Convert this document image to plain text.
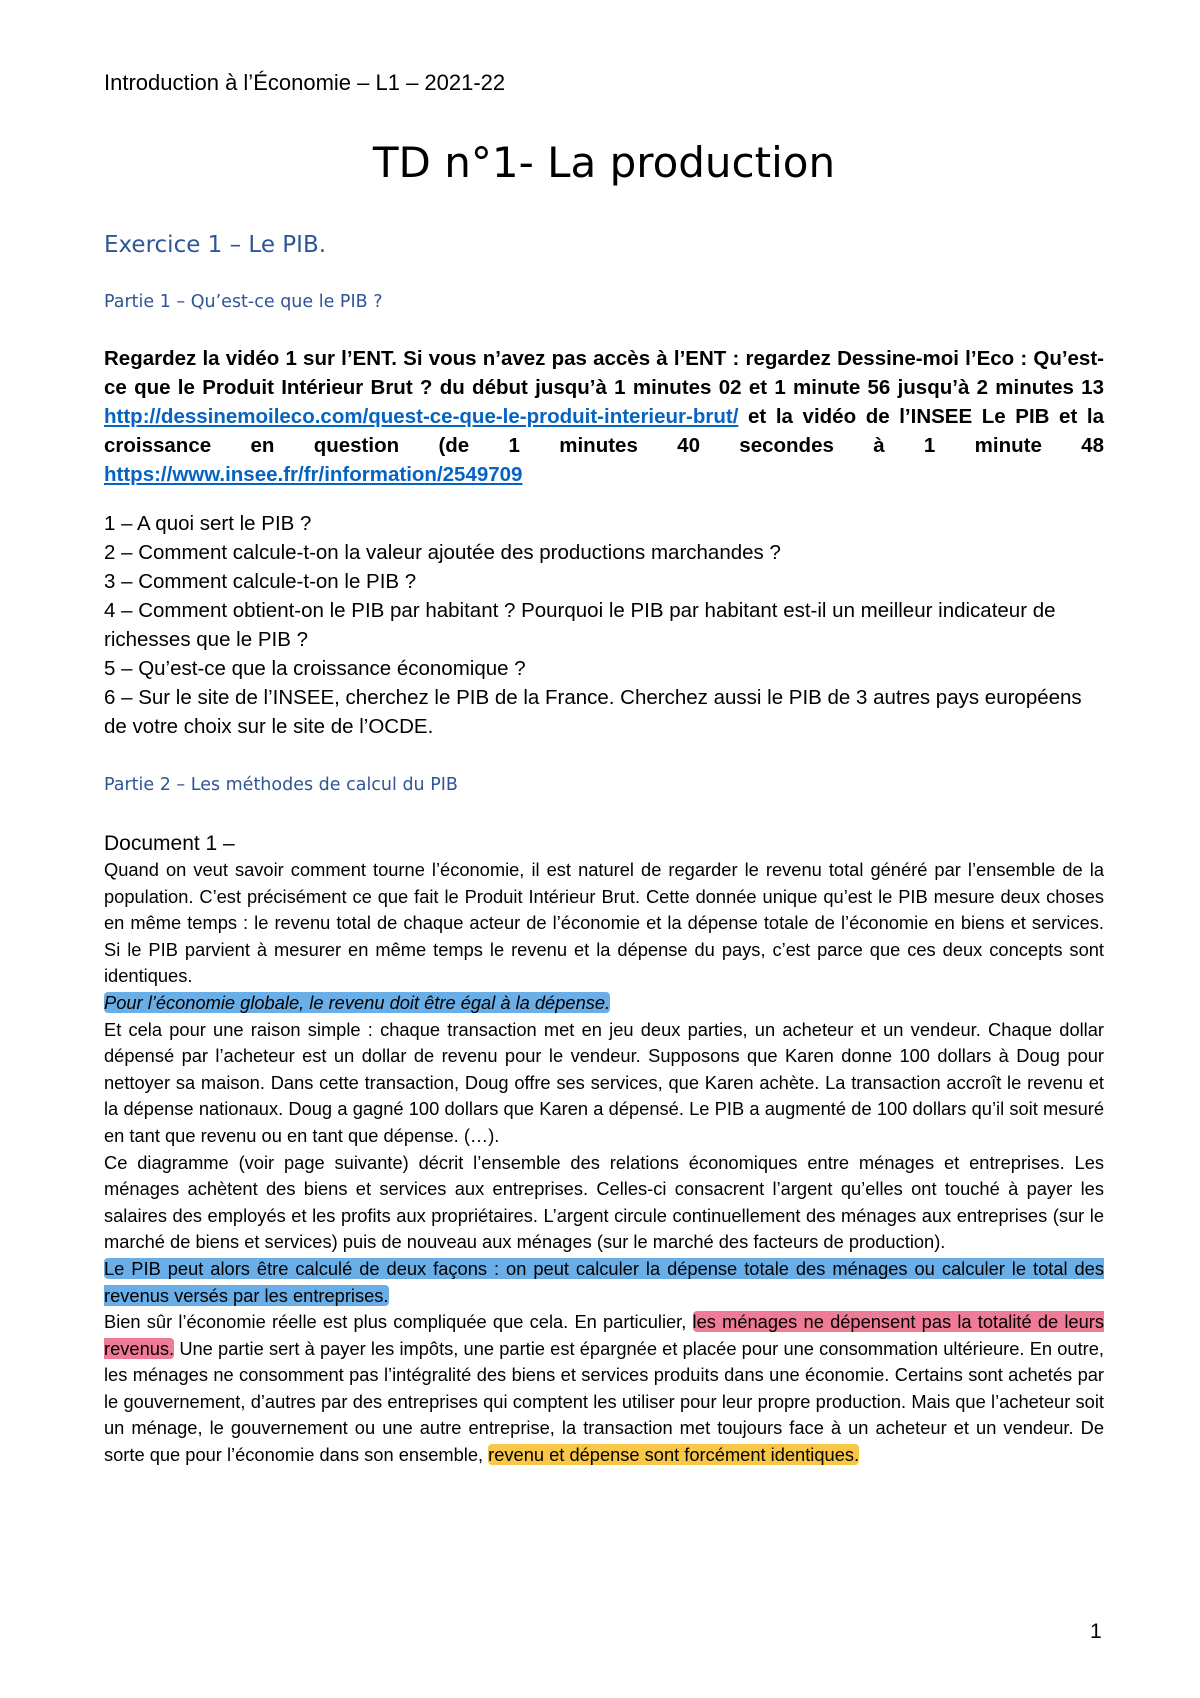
Introduction à l’Économie – L1 – 2021-22

TD n°1- La production
Exercice 1 – Le PIB.
Partie 1 – Qu’est-ce que le PIB ?

Regardez la vidéo 1 sur l’ENT. Si vous n’avez pas accès à l’ENT : regardez Dessine-moi l’Eco : Qu’est-ce que le Produit Intérieur Brut ? du début jusqu’à 1 minutes 02 et 1 minute 56 jusqu’à 2 minutes 13 http://dessinemoileco.com/quest-ce-que-le-produit-interieur-brut/ et la vidéo de l’INSEE Le PIB et la croissance en question (de 1 minutes 40 secondes à 1 minute 48 https://www.insee.fr/fr/information/2549709

1 – A quoi sert le PIB ?
2 – Comment calcule-t-on la valeur ajoutée des productions marchandes ?
3 – Comment calcule-t-on le PIB ?
4 – Comment obtient-on le PIB par habitant ? Pourquoi le PIB par habitant est-il un meilleur indicateur de richesses que le PIB ?
5 – Qu’est-ce que la croissance économique ?
6 – Sur le site de l’INSEE, cherchez le PIB de la France. Cherchez aussi le PIB de 3 autres pays européens de votre choix sur le site de l’OCDE.
Partie 2 – Les méthodes de calcul du PIB

Document 1 –

Quand on veut savoir comment tourne l’économie, il est naturel de regarder le revenu total généré par l’ensemble de la population. C’est précisément ce que fait le Produit Intérieur Brut. Cette donnée unique qu’est le PIB mesure deux choses en même temps : le revenu total de chaque acteur de l’économie et la dépense totale de l’économie en biens et services. Si le PIB parvient à mesurer en même temps le revenu et la dépense du pays, c’est parce que ces deux concepts sont identiques.
Pour l’économie globale, le revenu doit être égal à la dépense.

Et cela pour une raison simple : chaque transaction met en jeu deux parties, un acheteur et un vendeur. Chaque dollar dépensé par l’acheteur est un dollar de revenu pour le vendeur. Supposons que Karen donne 100 dollars à Doug pour nettoyer sa maison. Dans cette transaction, Doug offre ses services, que Karen achète. La transaction accroît le revenu et la dépense nationaux. Doug a gagné 100 dollars que Karen a dépensé. Le PIB a augmenté de 100 dollars qu’il soit mesuré en tant que revenu ou en tant que dépense. (…).

Ce diagramme (voir page suivante) décrit l’ensemble des relations économiques entre ménages et entreprises. Les ménages achètent des biens et services aux entreprises. Celles-ci consacrent l’argent qu’elles ont touché à payer les salaires des employés et les profits aux propriétaires. L’argent circule continuellement des ménages aux entreprises (sur le marché de biens et services) puis de nouveau aux ménages (sur le marché des facteurs de production).

Le PIB peut alors être calculé de deux façons : on peut calculer la dépense totale des ménages ou calculer le total des revenus versés par les entreprises.

Bien sûr l’économie réelle est plus compliquée que cela. En particulier, les ménages ne dépensent pas la totalité de leurs revenus. Une partie sert à payer les impôts, une partie est épargnée et placée pour une consommation ultérieure. En outre, les ménages ne consomment pas l’intégralité des biens et services produits dans une économie. Certains sont achetés par le gouvernement, d’autres par des entreprises qui comptent les utiliser pour leur propre production. Mais que l’acheteur soit un ménage, le gouvernement ou une autre entreprise, la transaction met toujours face à un acheteur et un vendeur. De sorte que pour l’économie dans son ensemble, revenu et dépense sont forcément identiques.

1
